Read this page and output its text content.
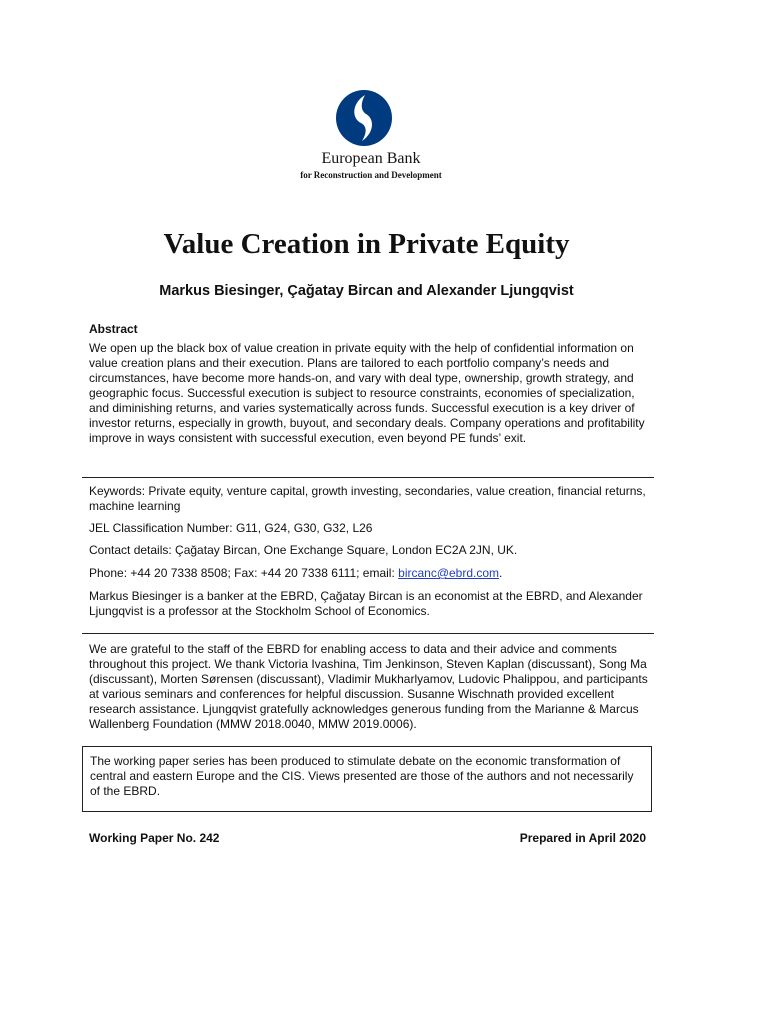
European Bank
for Reconstruction and Development
Value Creation in Private Equity

Markus Biesinger, Çağatay Bircan and Alexander Ljungqvist

Abstract

We open up the black box of value creation in private equity with the help of confidential information on value creation plans and their execution. Plans are tailored to each portfolio company’s needs and circumstances, have become more hands-on, and vary with deal type, ownership, growth strategy, and geographic focus. Successful execution is subject to resource constraints, economies of specialization, and diminishing returns, and varies systematically across funds. Successful execution is a key driver of investor returns, especially in growth, buyout, and secondary deals. Company operations and profitability improve in ways consistent with successful execution, even beyond PE funds’ exit.

Keywords: Private equity, venture capital, growth investing, secondaries, value creation, financial returns, machine learning

JEL Classification Number: G11, G24, G30, G32, L26

Contact details: Çağatay Bircan, One Exchange Square, London EC2A 2JN, UK.

Phone: +44 20 7338 8508; Fax: +44 20 7338 6111; email: bircanc@ebrd.com.

Markus Biesinger is a banker at the EBRD, Çağatay Bircan is an economist at the EBRD, and Alexander Ljungqvist is a professor at the Stockholm School of Economics.

We are grateful to the staff of the EBRD for enabling access to data and their advice and comments throughout this project. We thank Victoria Ivashina, Tim Jenkinson, Steven Kaplan (discussant), Song Ma (discussant), Morten Sørensen (discussant), Vladimir Mukharlyamov, Ludovic Phalippou, and participants at various seminars and conferences for helpful discussion. Susanne Wischnath provided excellent research assistance. Ljungqvist gratefully acknowledges generous funding from the Marianne & Marcus Wallenberg Foundation (MMW 2018.0040, MMW 2019.0006).

The working paper series has been produced to stimulate debate on the economic transformation of central and eastern Europe and the CIS. Views presented are those of the authors and not necessarily of the EBRD.

Working Paper No. 242	Prepared in April 2020
